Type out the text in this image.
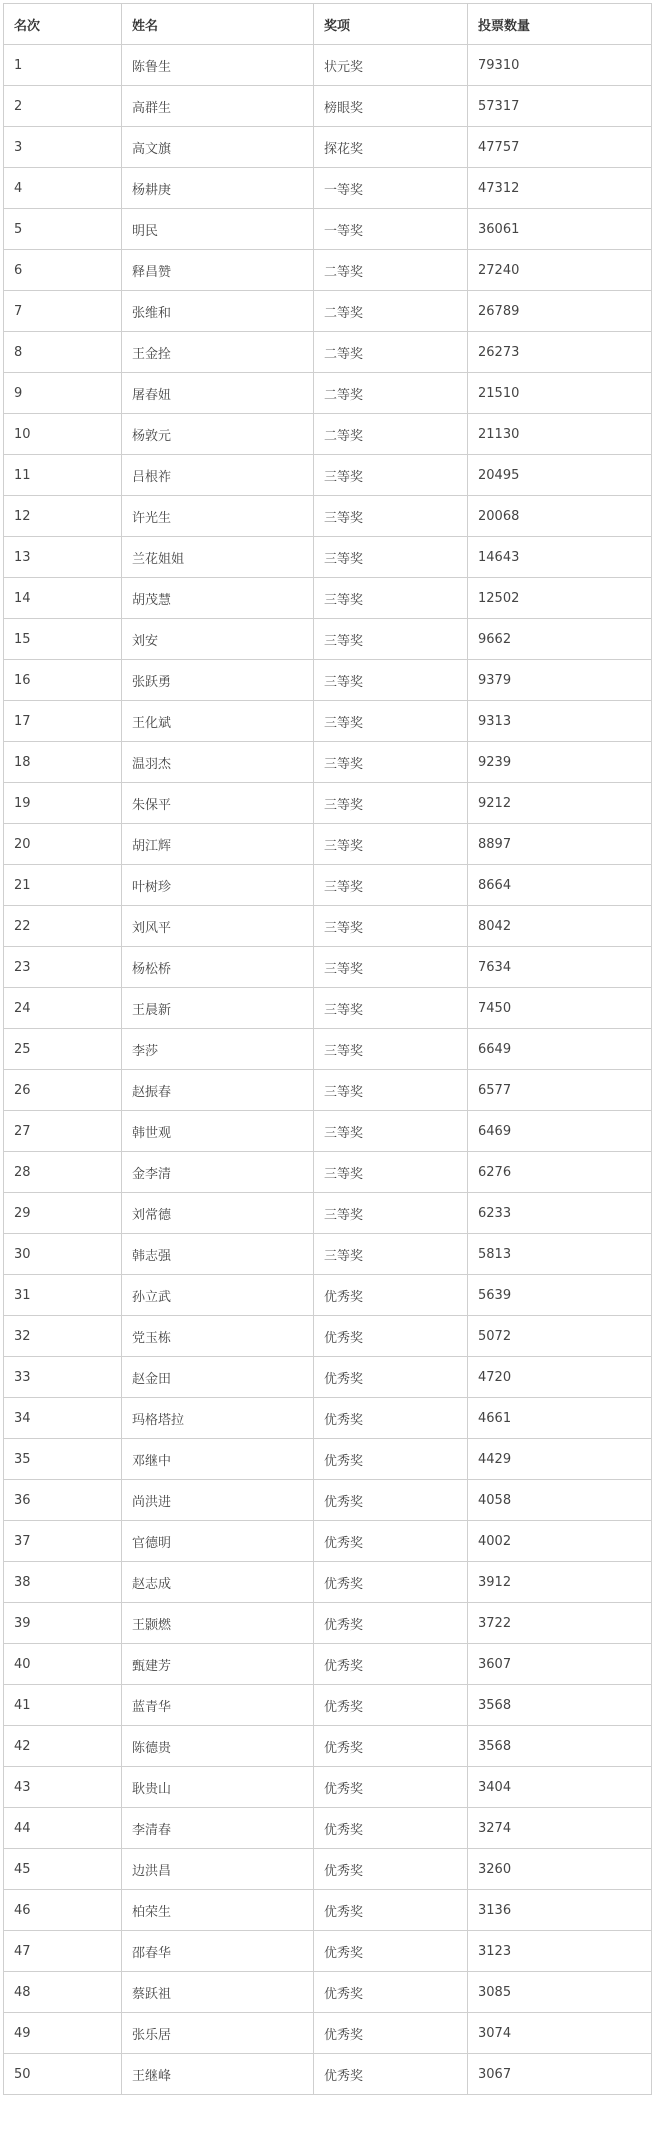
名次	姓名	奖项	投票数量
1	陈鲁生	状元奖	79310
2	高群生	榜眼奖	57317
3	高文旗	探花奖	47757
4	杨耕庚	一等奖	47312
5	明民	一等奖	36061
6	释昌赞	二等奖	27240
7	张维和	二等奖	26789
8	王金拴	二等奖	26273
9	屠春妞	二等奖	21510
10	杨敦元	二等奖	21130
11	吕根祚	三等奖	20495
12	许光生	三等奖	20068
13	兰花姐姐	三等奖	14643
14	胡茂慧	三等奖	12502
15	刘安	三等奖	9662
16	张跃勇	三等奖	9379
17	王化斌	三等奖	9313
18	温羽杰	三等奖	9239
19	朱保平	三等奖	9212
20	胡江辉	三等奖	8897
21	叶树珍	三等奖	8664
22	刘风平	三等奖	8042
23	杨松桥	三等奖	7634
24	王晨新	三等奖	7450
25	李莎	三等奖	6649
26	赵振春	三等奖	6577
27	韩世观	三等奖	6469
28	金李清	三等奖	6276
29	刘常德	三等奖	6233
30	韩志强	三等奖	5813
31	孙立武	优秀奖	5639
32	党玉栋	优秀奖	5072
33	赵金田	优秀奖	4720
34	玛格塔拉	优秀奖	4661
35	邓继中	优秀奖	4429
36	尚洪进	优秀奖	4058
37	官德明	优秀奖	4002
38	赵志成	优秀奖	3912
39	王颢燃	优秀奖	3722
40	甄建芳	优秀奖	3607
41	蓝青华	优秀奖	3568
42	陈德贵	优秀奖	3568
43	耿贵山	优秀奖	3404
44	李清春	优秀奖	3274
45	边洪昌	优秀奖	3260
46	柏荣生	优秀奖	3136
47	邵春华	优秀奖	3123
48	蔡跃祖	优秀奖	3085
49	张乐居	优秀奖	3074
50	王继峰	优秀奖	3067
